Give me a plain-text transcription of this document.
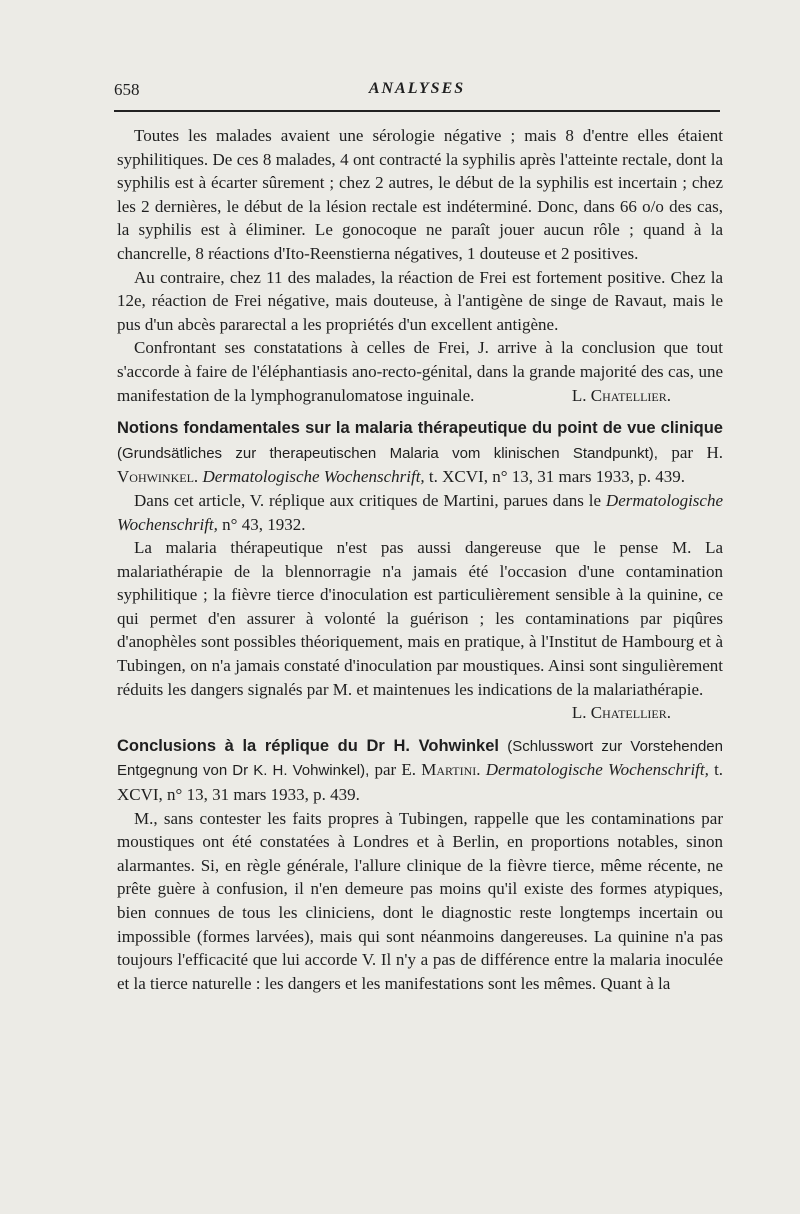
658	ANALYSES

Toutes les malades avaient une sérologie négative ; mais 8 d'entre elles étaient syphilitiques. De ces 8 malades, 4 ont contracté la syphilis après l'atteinte rectale, dont la syphilis est à écarter sûrement ; chez 2 autres, le début de la syphilis est incertain ; chez les 2 dernières, le début de la lésion rectale est indéterminé. Donc, dans 66 o/o des cas, la syphilis est à éliminer. Le gonocoque ne paraît jouer aucun rôle ; quand à la chancrelle, 8 réactions d'Ito-Reenstierna négatives, 1 douteuse et 2 positives.

Au contraire, chez 11 des malades, la réaction de Frei est fortement positive. Chez la 12e, réaction de Frei négative, mais douteuse, à l'antigène de singe de Ravaut, mais le pus d'un abcès pararectal a les propriétés d'un excellent antigène.

Confrontant ses constatations à celles de Frei, J. arrive à la conclusion que tout s'accorde à faire de l'éléphantiasis ano-recto-génital, dans la grande majorité des cas, une manifestation de la lymphogranulomatose inguinale.	L. Chatellier.

Notions fondamentales sur la malaria thérapeutique du point de vue clinique (Grundsätliches zur therapeutischen Malaria vom klinischen Standpunkt), par H. Vohwinkel. Dermatologische Wochenschrift, t. XCVI, n° 13, 31 mars 1933, p. 439.

Dans cet article, V. réplique aux critiques de Martini, parues dans le Dermatologische Wochenschrift, n° 43, 1932.

La malaria thérapeutique n'est pas aussi dangereuse que le pense M. La malariathérapie de la blennorragie n'a jamais été l'occasion d'une contamination syphilitique ; la fièvre tierce d'inoculation est particulièrement sensible à la quinine, ce qui permet d'en assurer à volonté la guérison ; les contaminations par piqûres d'anophèles sont possibles théoriquement, mais en pratique, à l'Institut de Hambourg et à Tubingen, on n'a jamais constaté d'inoculation par moustiques. Ainsi sont singulièrement réduits les dangers signalés par M. et maintenues les indications de la malariathérapie.
L. Chatellier.

Conclusions à la réplique du Dr H. Vohwinkel (Schlusswort zur Vorstehenden Entgegnung von Dr K. H. Vohwinkel), par E. Martini. Dermatologische Wochenschrift, t. XCVI, n° 13, 31 mars 1933, p. 439.

M., sans contester les faits propres à Tubingen, rappelle que les contaminations par moustiques ont été constatées à Londres et à Berlin, en proportions notables, sinon alarmantes. Si, en règle générale, l'allure clinique de la fièvre tierce, même récente, ne prête guère à confusion, il n'en demeure pas moins qu'il existe des formes atypiques, bien connues de tous les cliniciens, dont le diagnostic reste longtemps incertain ou impossible (formes larvées), mais qui sont néanmoins dangereuses. La quinine n'a pas toujours l'efficacité que lui accorde V. Il n'y a pas de différence entre la malaria inoculée et la tierce naturelle : les dangers et les manifestations sont les mêmes. Quant à la
